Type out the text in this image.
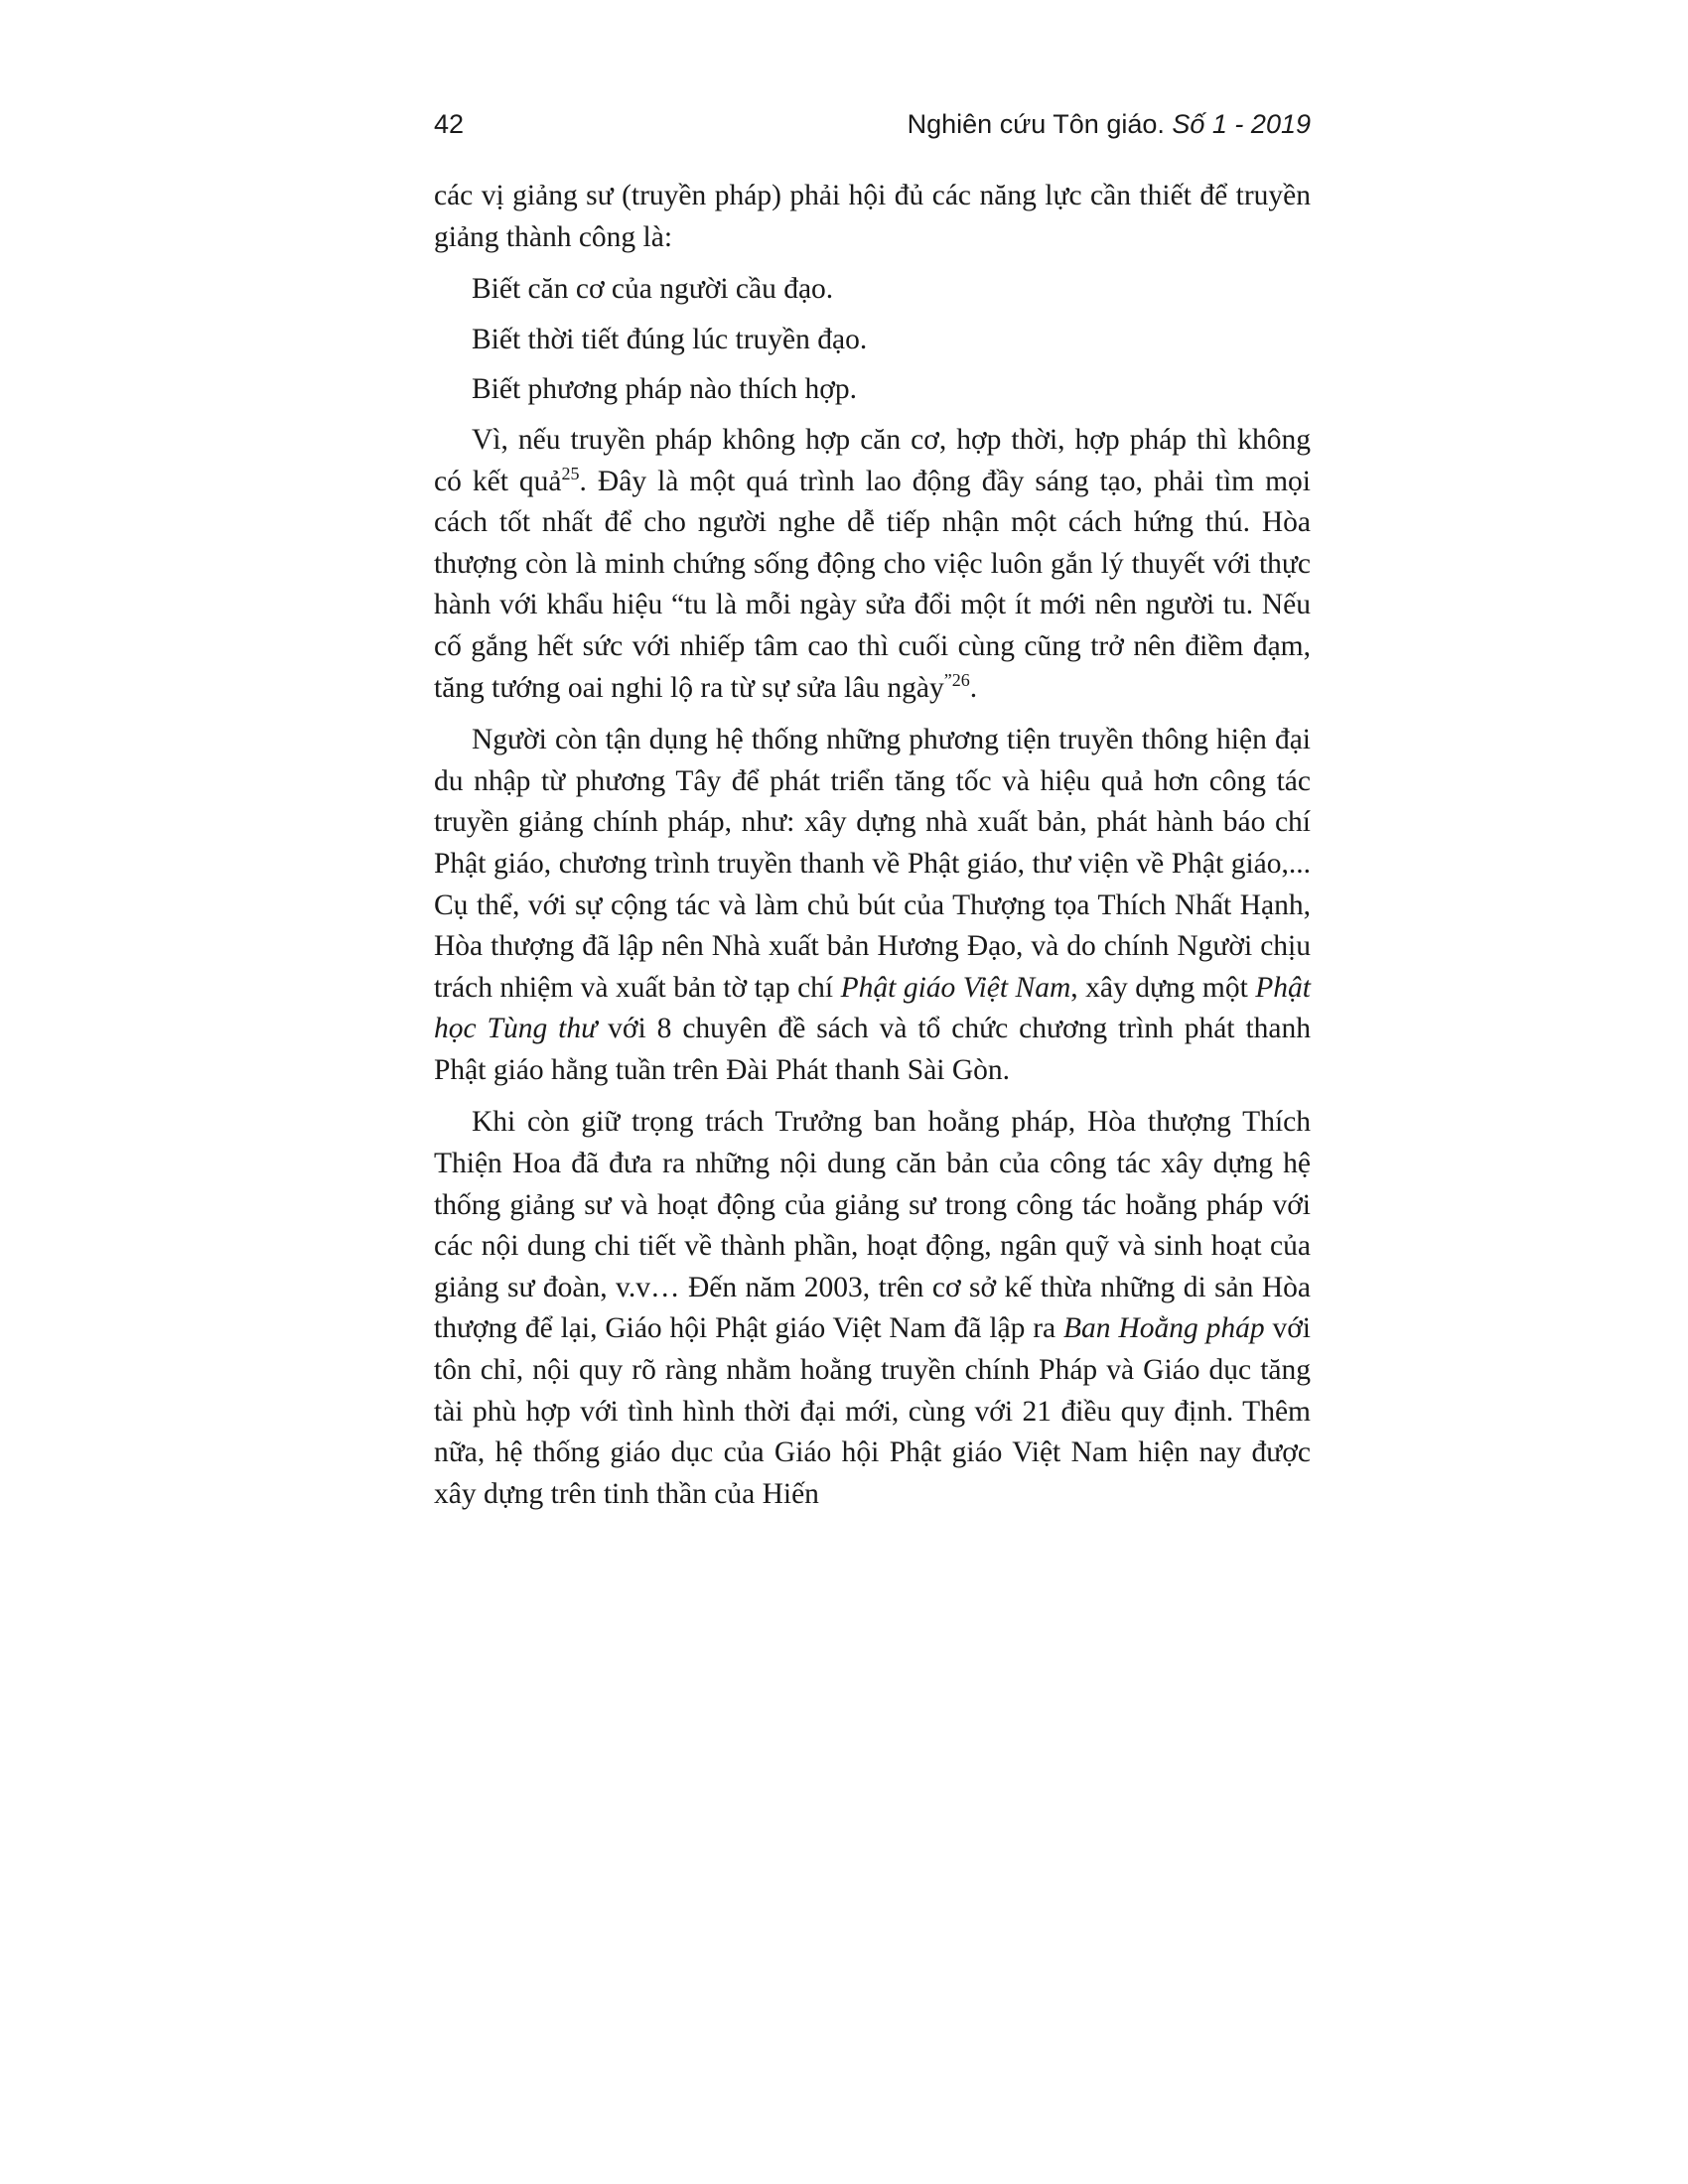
42	Nghiên cứu Tôn giáo. Số 1 - 2019

các vị giảng sư (truyền pháp) phải hội đủ các năng lực cần thiết để truyền giảng thành công là:

Biết căn cơ của người cầu đạo.

Biết thời tiết đúng lúc truyền đạo.

Biết phương pháp nào thích hợp.

Vì, nếu truyền pháp không hợp căn cơ, hợp thời, hợp pháp thì không có kết quả$^{25}$. Đây là một quá trình lao động đầy sáng tạo, phải tìm mọi cách tốt nhất để cho người nghe dễ tiếp nhận một cách hứng thú. Hòa thượng còn là minh chứng sống động cho việc luôn gắn lý thuyết với thực hành với khẩu hiệu “tu là mỗi ngày sửa đổi một ít mới nên người tu. Nếu cố gắng hết sức với nhiếp tâm cao thì cuối cùng cũng trở nên điềm đạm, tăng tướng oai nghi lộ ra từ sự sửa lâu ngày$^{”26}$.

Người còn tận dụng hệ thống những phương tiện truyền thông hiện đại du nhập từ phương Tây để phát triển tăng tốc và hiệu quả hơn công tác truyền giảng chính pháp, như: xây dựng nhà xuất bản, phát hành báo chí Phật giáo, chương trình truyền thanh về Phật giáo, thư viện về Phật giáo,... Cụ thể, với sự cộng tác và làm chủ bút của Thượng tọa Thích Nhất Hạnh, Hòa thượng đã lập nên Nhà xuất bản Hương Đạo, và do chính Người chịu trách nhiệm và xuất bản tờ tạp chí Phật giáo Việt Nam, xây dựng một Phật học Tùng thư với 8 chuyên đề sách và tổ chức chương trình phát thanh Phật giáo hằng tuần trên Đài Phát thanh Sài Gòn.

Khi còn giữ trọng trách Trưởng ban hoằng pháp, Hòa thượng Thích Thiện Hoa đã đưa ra những nội dung căn bản của công tác xây dựng hệ thống giảng sư và hoạt động của giảng sư trong công tác hoằng pháp với các nội dung chi tiết về thành phần, hoạt động, ngân quỹ và sinh hoạt của giảng sư đoàn, v.v… Đến năm 2003, trên cơ sở kế thừa những di sản Hòa thượng để lại, Giáo hội Phật giáo Việt Nam đã lập ra Ban Hoằng pháp với tôn chỉ, nội quy rõ ràng nhằm hoằng truyền chính Pháp và Giáo dục tăng tài phù hợp với tình hình thời đại mới, cùng với 21 điều quy định. Thêm nữa, hệ thống giáo dục của Giáo hội Phật giáo Việt Nam hiện nay được xây dựng trên tinh thần của Hiến
